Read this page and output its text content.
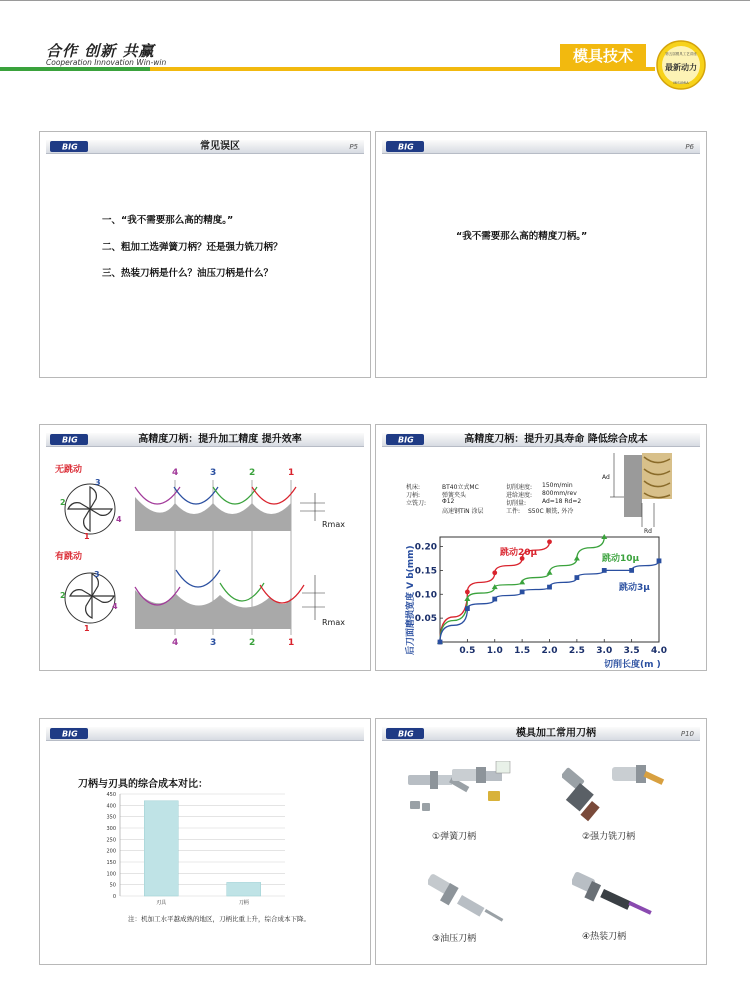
合作 创新 共赢
Cooperation Innovation Win-win	模具技术	第五届模具工艺讲座
最新动力
MISUMIA
BIG	常见误区	P5
一、“我不需要那么高的精度。”
二、粗加工选弹簧刀柄？还是强力铣刀柄？
三、热装刀柄是什么？油压刀柄是什么？
BIG	P6
“我不需要那么高的精度刀柄。”
BIG	高精度刀柄：提升加工精度 提升效率
无跳动
有跳动
3
4
1
2
3
4
1
2
4	3	2	1
Rmax
Rmax
4	3	2	1
BIG	高精度刀柄：提升刃具寿命 降低综合成本
机床:	BT40立式MC	切削速度: 150m/min
刀柄:	弹簧夹头	进给速度: 800mm/rev
立铣刀:	Φ12	切削量:	Ad=18 Rd=2
高速钢TiN 涂层	工件: S50C 顺铣, 外冷
Ad
Rd
0.5 1.0 1.5 2.0 2.5 3.0 3.5 4.0
0.05
0.10
0.15
0.20
跳动20μ
跳动10μ
跳动3μ
后刀面磨损宽度 V b(mm)
切削长度(m )
BIG
刀柄与刃具的综合成本对比：
0
50
100
150
200
250
300
350
400
450
刃具	刀柄
注：机加工水平越成熟的地区，刀柄比重上升，综合成本下降。
BIG	模具加工常用刀柄	P10
①弹簧刀柄	②强力铣刀柄
③油压刀柄	④热装刀柄
